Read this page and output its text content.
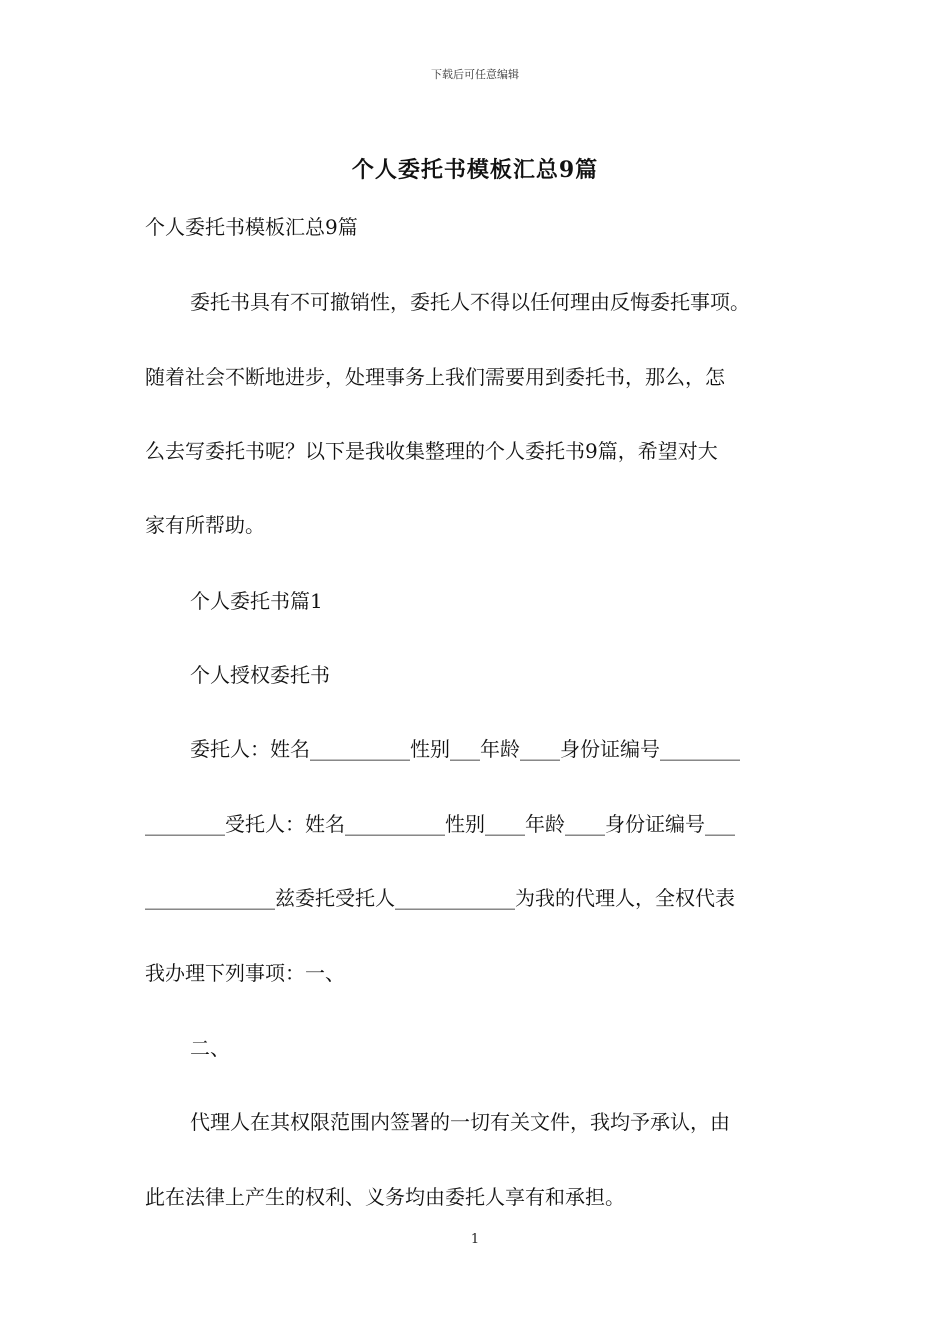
下载后可任意编辑
个人委托书模板汇总9篇
个人委托书模板汇总9篇
委托书具有不可撤销性，委托人不得以任何理由反悔委托事项。
随着社会不断地进步，处理事务上我们需要用到委托书，那么，怎
么去写委托书呢？以下是我收集整理的个人委托书9篇，希望对大
家有所帮助。
个人委托书篇1
个人授权委托书
委托人：姓名__________性别___年龄____身份证编号________
________受托人：姓名__________性别____年龄____身份证编号___
_____________兹委托受托人____________为我的代理人，全权代表
我办理下列事项：一、
二、
代理人在其权限范围内签署的一切有关文件，我均予承认，由
此在法律上产生的权利、义务均由委托人享有和承担。
1
